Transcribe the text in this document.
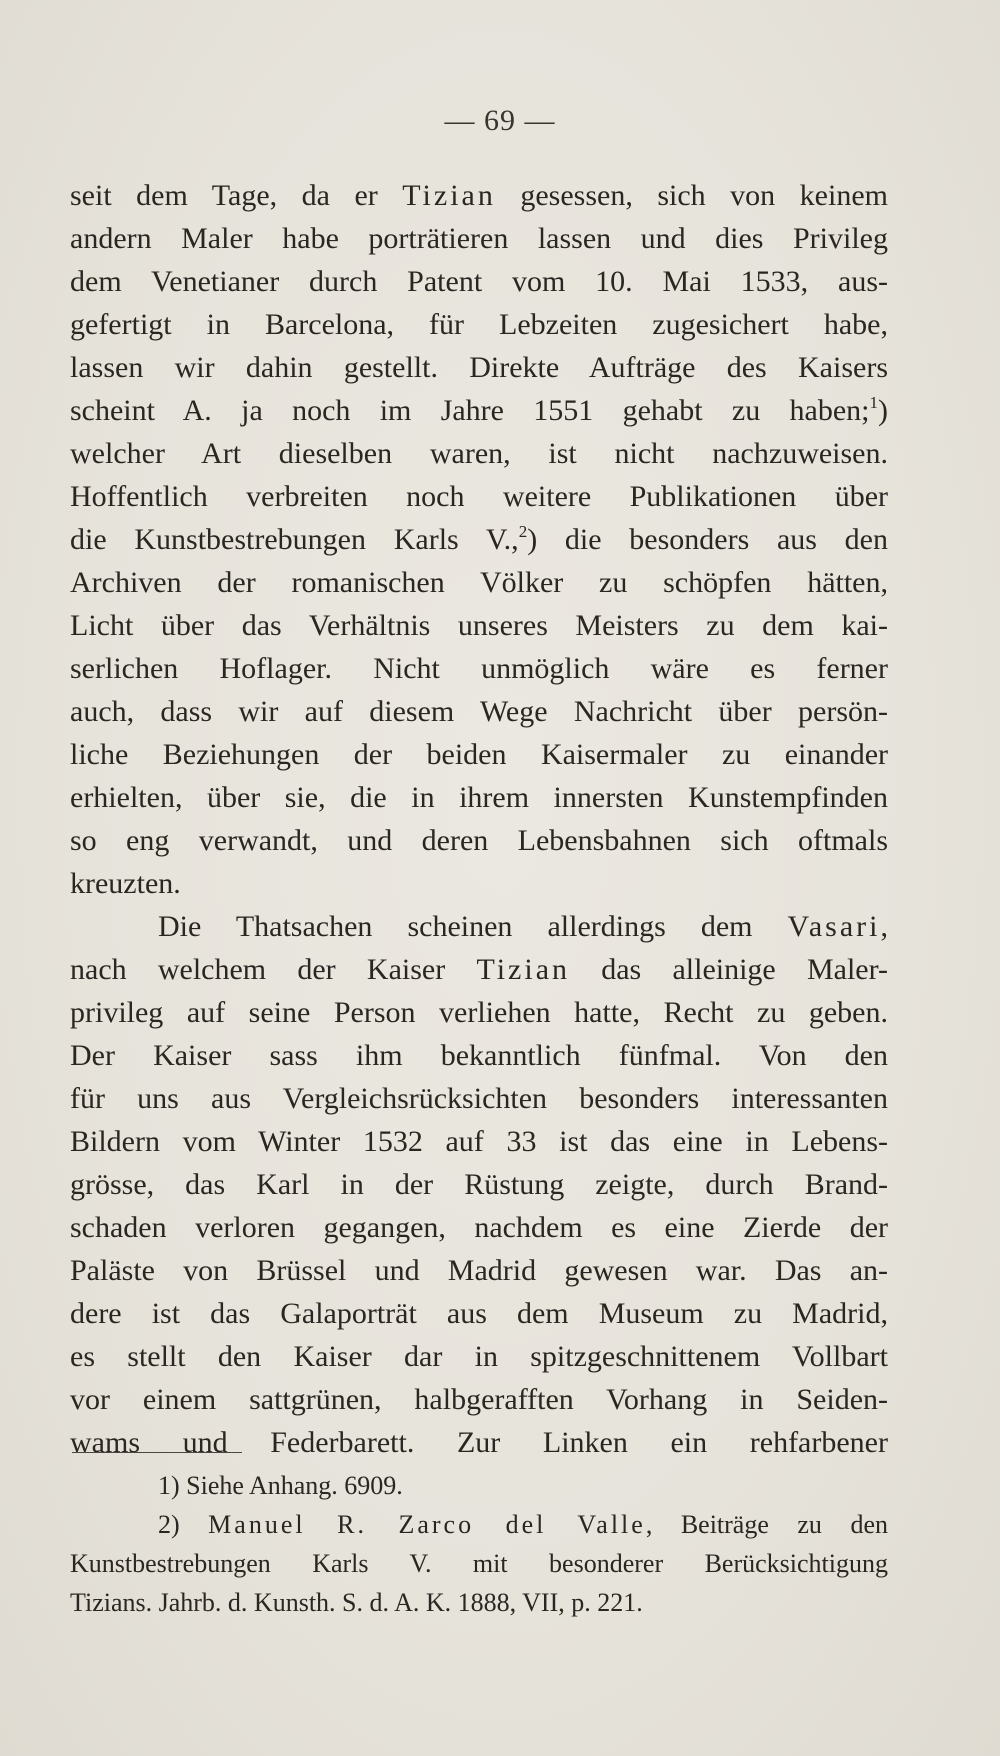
— 69 —
seit dem Tage, da er Tizian gesessen, sich von keinem
andern Maler habe porträtieren lassen und dies Privileg
dem Venetianer durch Patent vom 10. Mai 1533, aus-
gefertigt in Barcelona, für Lebzeiten zugesichert habe,
lassen wir dahin gestellt. Direkte Aufträge des Kaisers
scheint A. ja noch im Jahre 1551 gehabt zu haben;$^1$)
welcher Art dieselben waren, ist nicht nachzuweisen.
Hoffentlich verbreiten noch weitere Publikationen über
die Kunstbestrebungen Karls V.,$^2$) die besonders aus den
Archiven der romanischen Völker zu schöpfen hätten,
Licht über das Verhältnis unseres Meisters zu dem kai-
serlichen Hoflager. Nicht unmöglich wäre es ferner
auch, dass wir auf diesem Wege Nachricht über persön-
liche Beziehungen der beiden Kaisermaler zu einander
erhielten, über sie, die in ihrem innersten Kunstempfinden
so eng verwandt, und deren Lebensbahnen sich oftmals
kreuzten.
Die Thatsachen scheinen allerdings dem Vasari,
nach welchem der Kaiser Tizian das alleinige Maler-
privileg auf seine Person verliehen hatte, Recht zu geben.
Der Kaiser sass ihm bekanntlich fünfmal. Von den
für uns aus Vergleichsrücksichten besonders interessanten
Bildern vom Winter 1532 auf 33 ist das eine in Lebens-
grösse, das Karl in der Rüstung zeigte, durch Brand-
schaden verloren gegangen, nachdem es eine Zierde der
Paläste von Brüssel und Madrid gewesen war. Das an-
dere ist das Galaporträt aus dem Museum zu Madrid,
es stellt den Kaiser dar in spitzgeschnittenem Vollbart
vor einem sattgrünen, halbgerafften Vorhang in Seiden-
wams und Federbarett. Zur Linken ein rehfarbener
1) Siehe Anhang. 6909.
2) Manuel R. Zarco del Valle, Beiträge zu den
Kunstbestrebungen Karls V. mit besonderer Berücksichtigung
Tizians. Jahrb. d. Kunsth. S. d. A. K. 1888, VII, p. 221.
